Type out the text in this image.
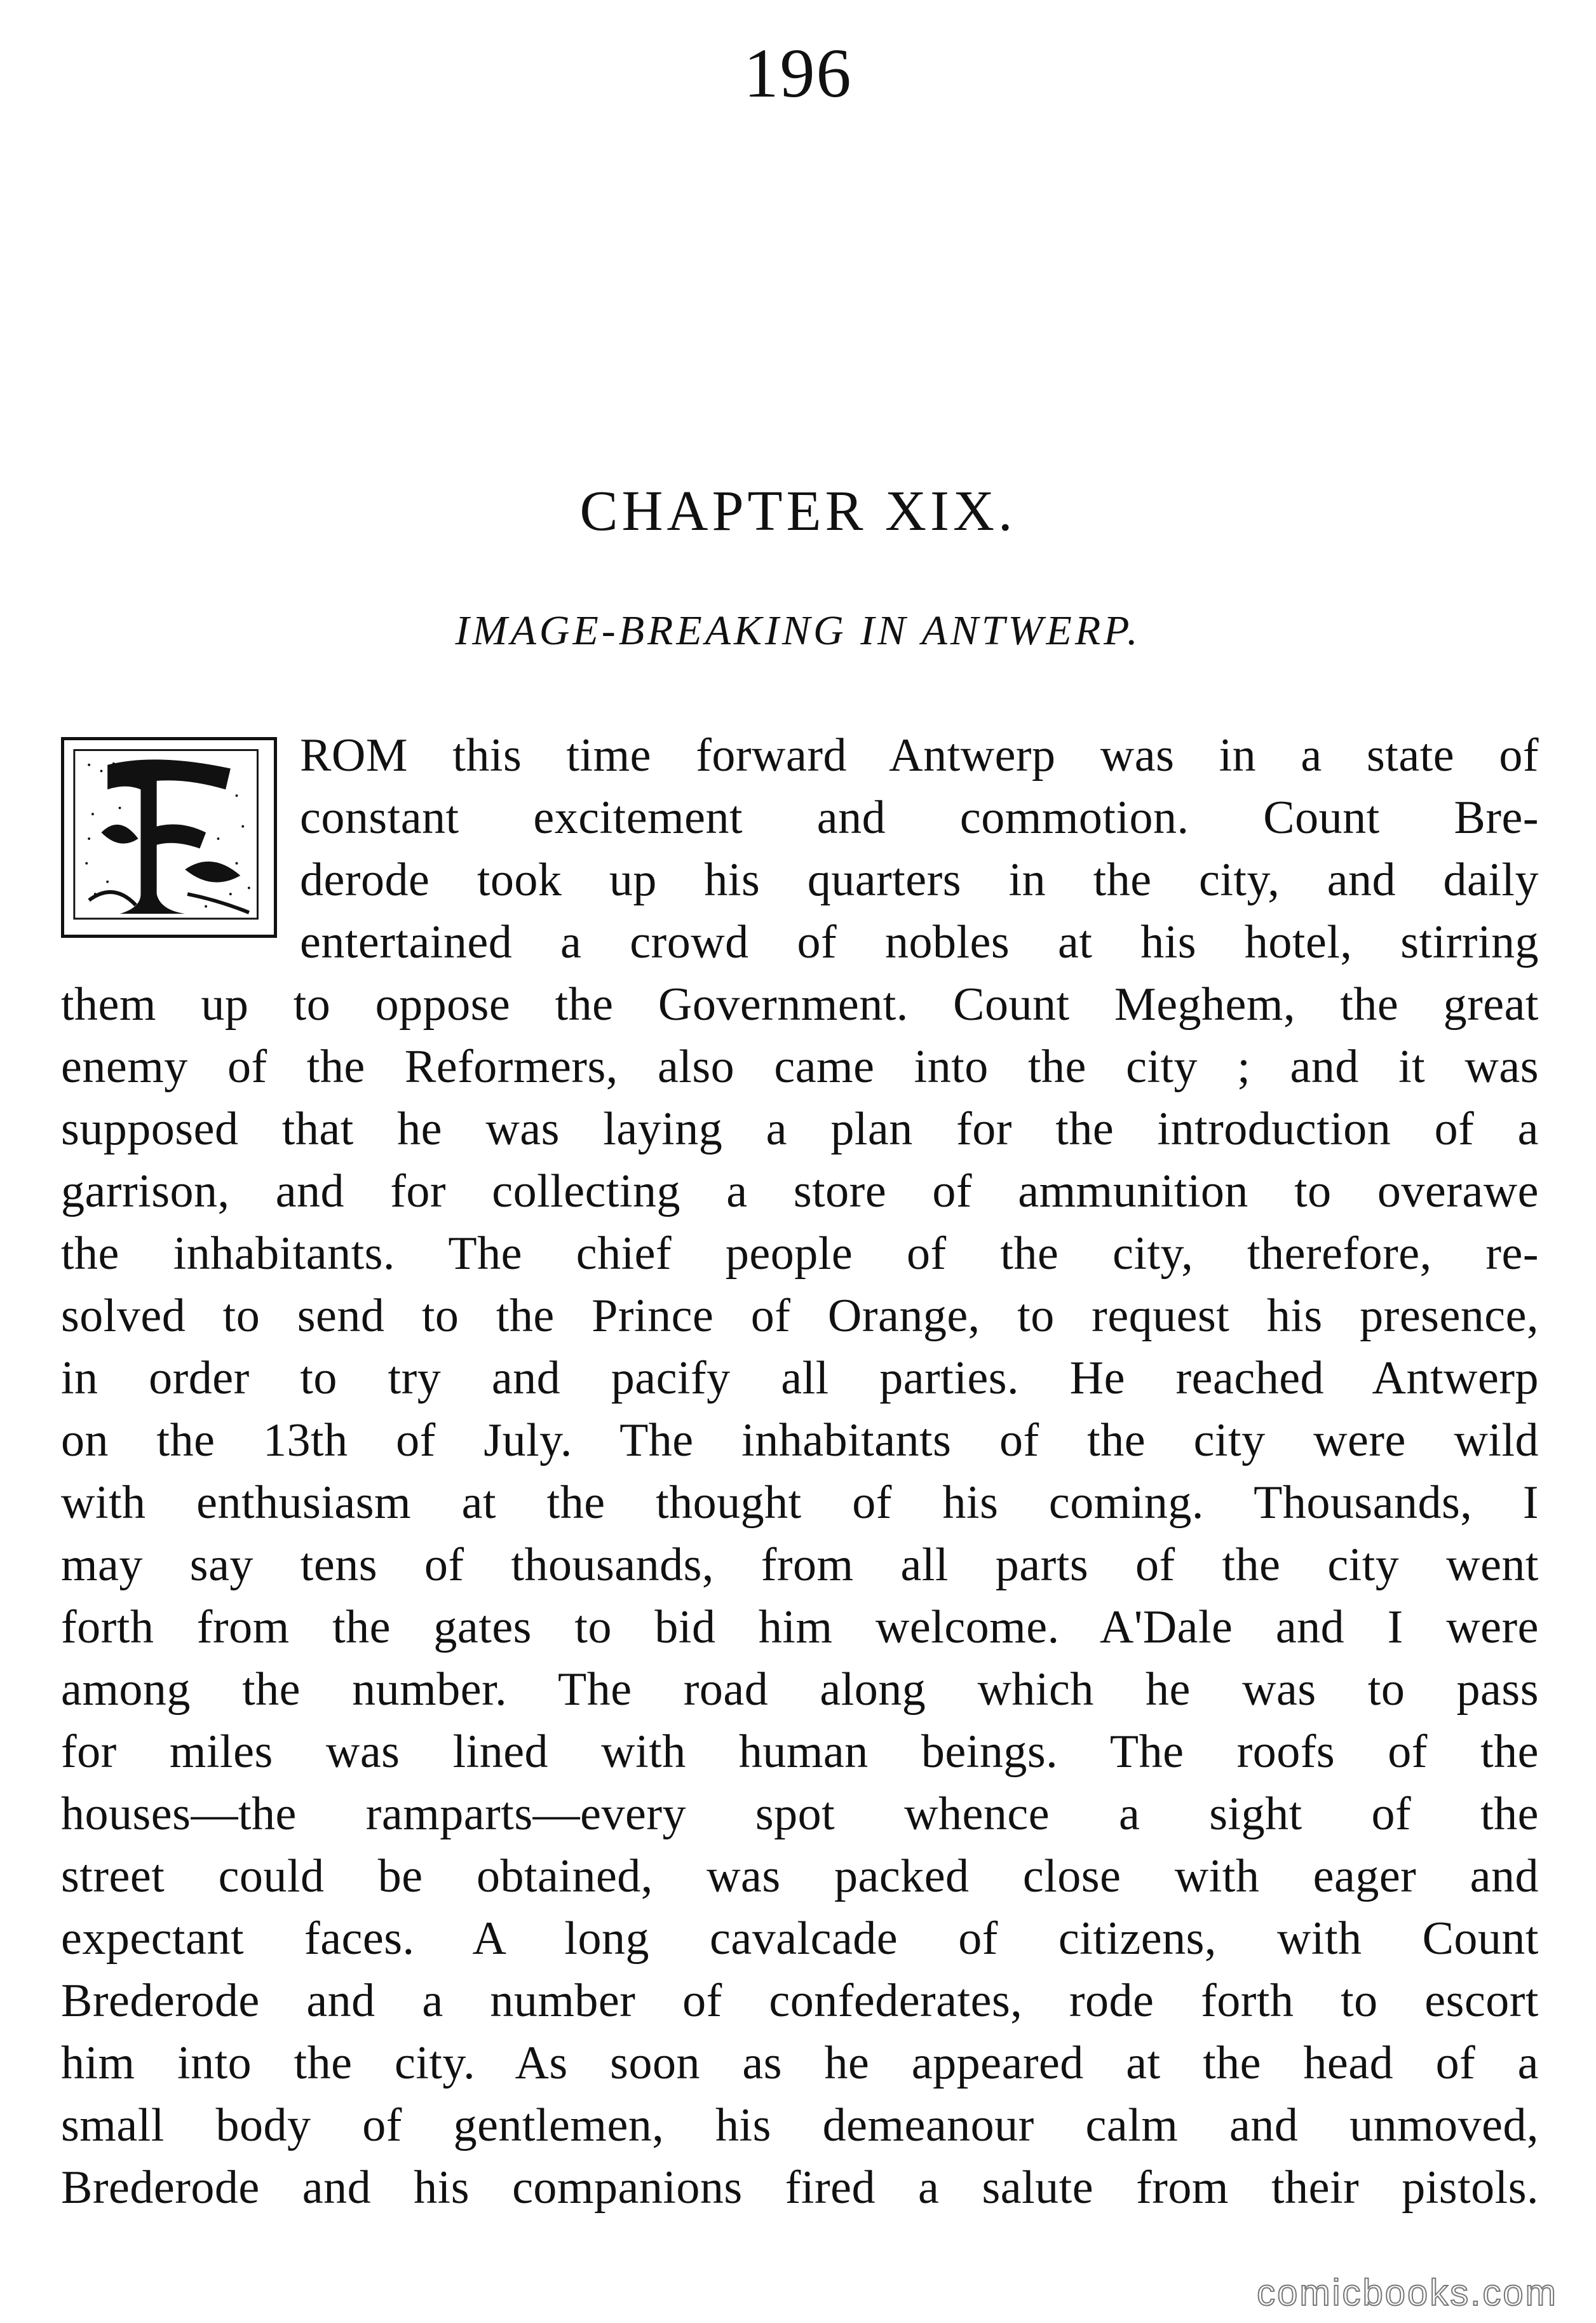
196
CHAPTER XIX.
IMAGE-BREAKING IN ANTWERP.
ROM this time forward Antwerp was in a state of
constant excitement and commotion. Count Bre-
derode took up his quarters in the city, and daily
entertained a crowd of nobles at his hotel, stirring
them up to oppose the Government. Count Meghem, the great
enemy of the Reformers, also came into the city ; and it was
supposed that he was laying a plan for the introduction of a
garrison, and for collecting a store of ammunition to overawe
the inhabitants. The chief people of the city, therefore, re-
solved to send to the Prince of Orange, to request his presence,
in order to try and pacify all parties. He reached Antwerp
on the 13th of July. The inhabitants of the city were wild
with enthusiasm at the thought of his coming. Thousands, I
may say tens of thousands, from all parts of the city went
forth from the gates to bid him welcome. A'Dale and I were
among the number. The road along which he was to pass
for miles was lined with human beings. The roofs of the
houses—the ramparts—every spot whence a sight of the
street could be obtained, was packed close with eager and
expectant faces. A long cavalcade of citizens, with Count
Brederode and a number of confederates, rode forth to escort
him into the city. As soon as he appeared at the head of a
small body of gentlemen, his demeanour calm and unmoved,
Brederode and his companions fired a salute from their pistols.
comicbooks.com
